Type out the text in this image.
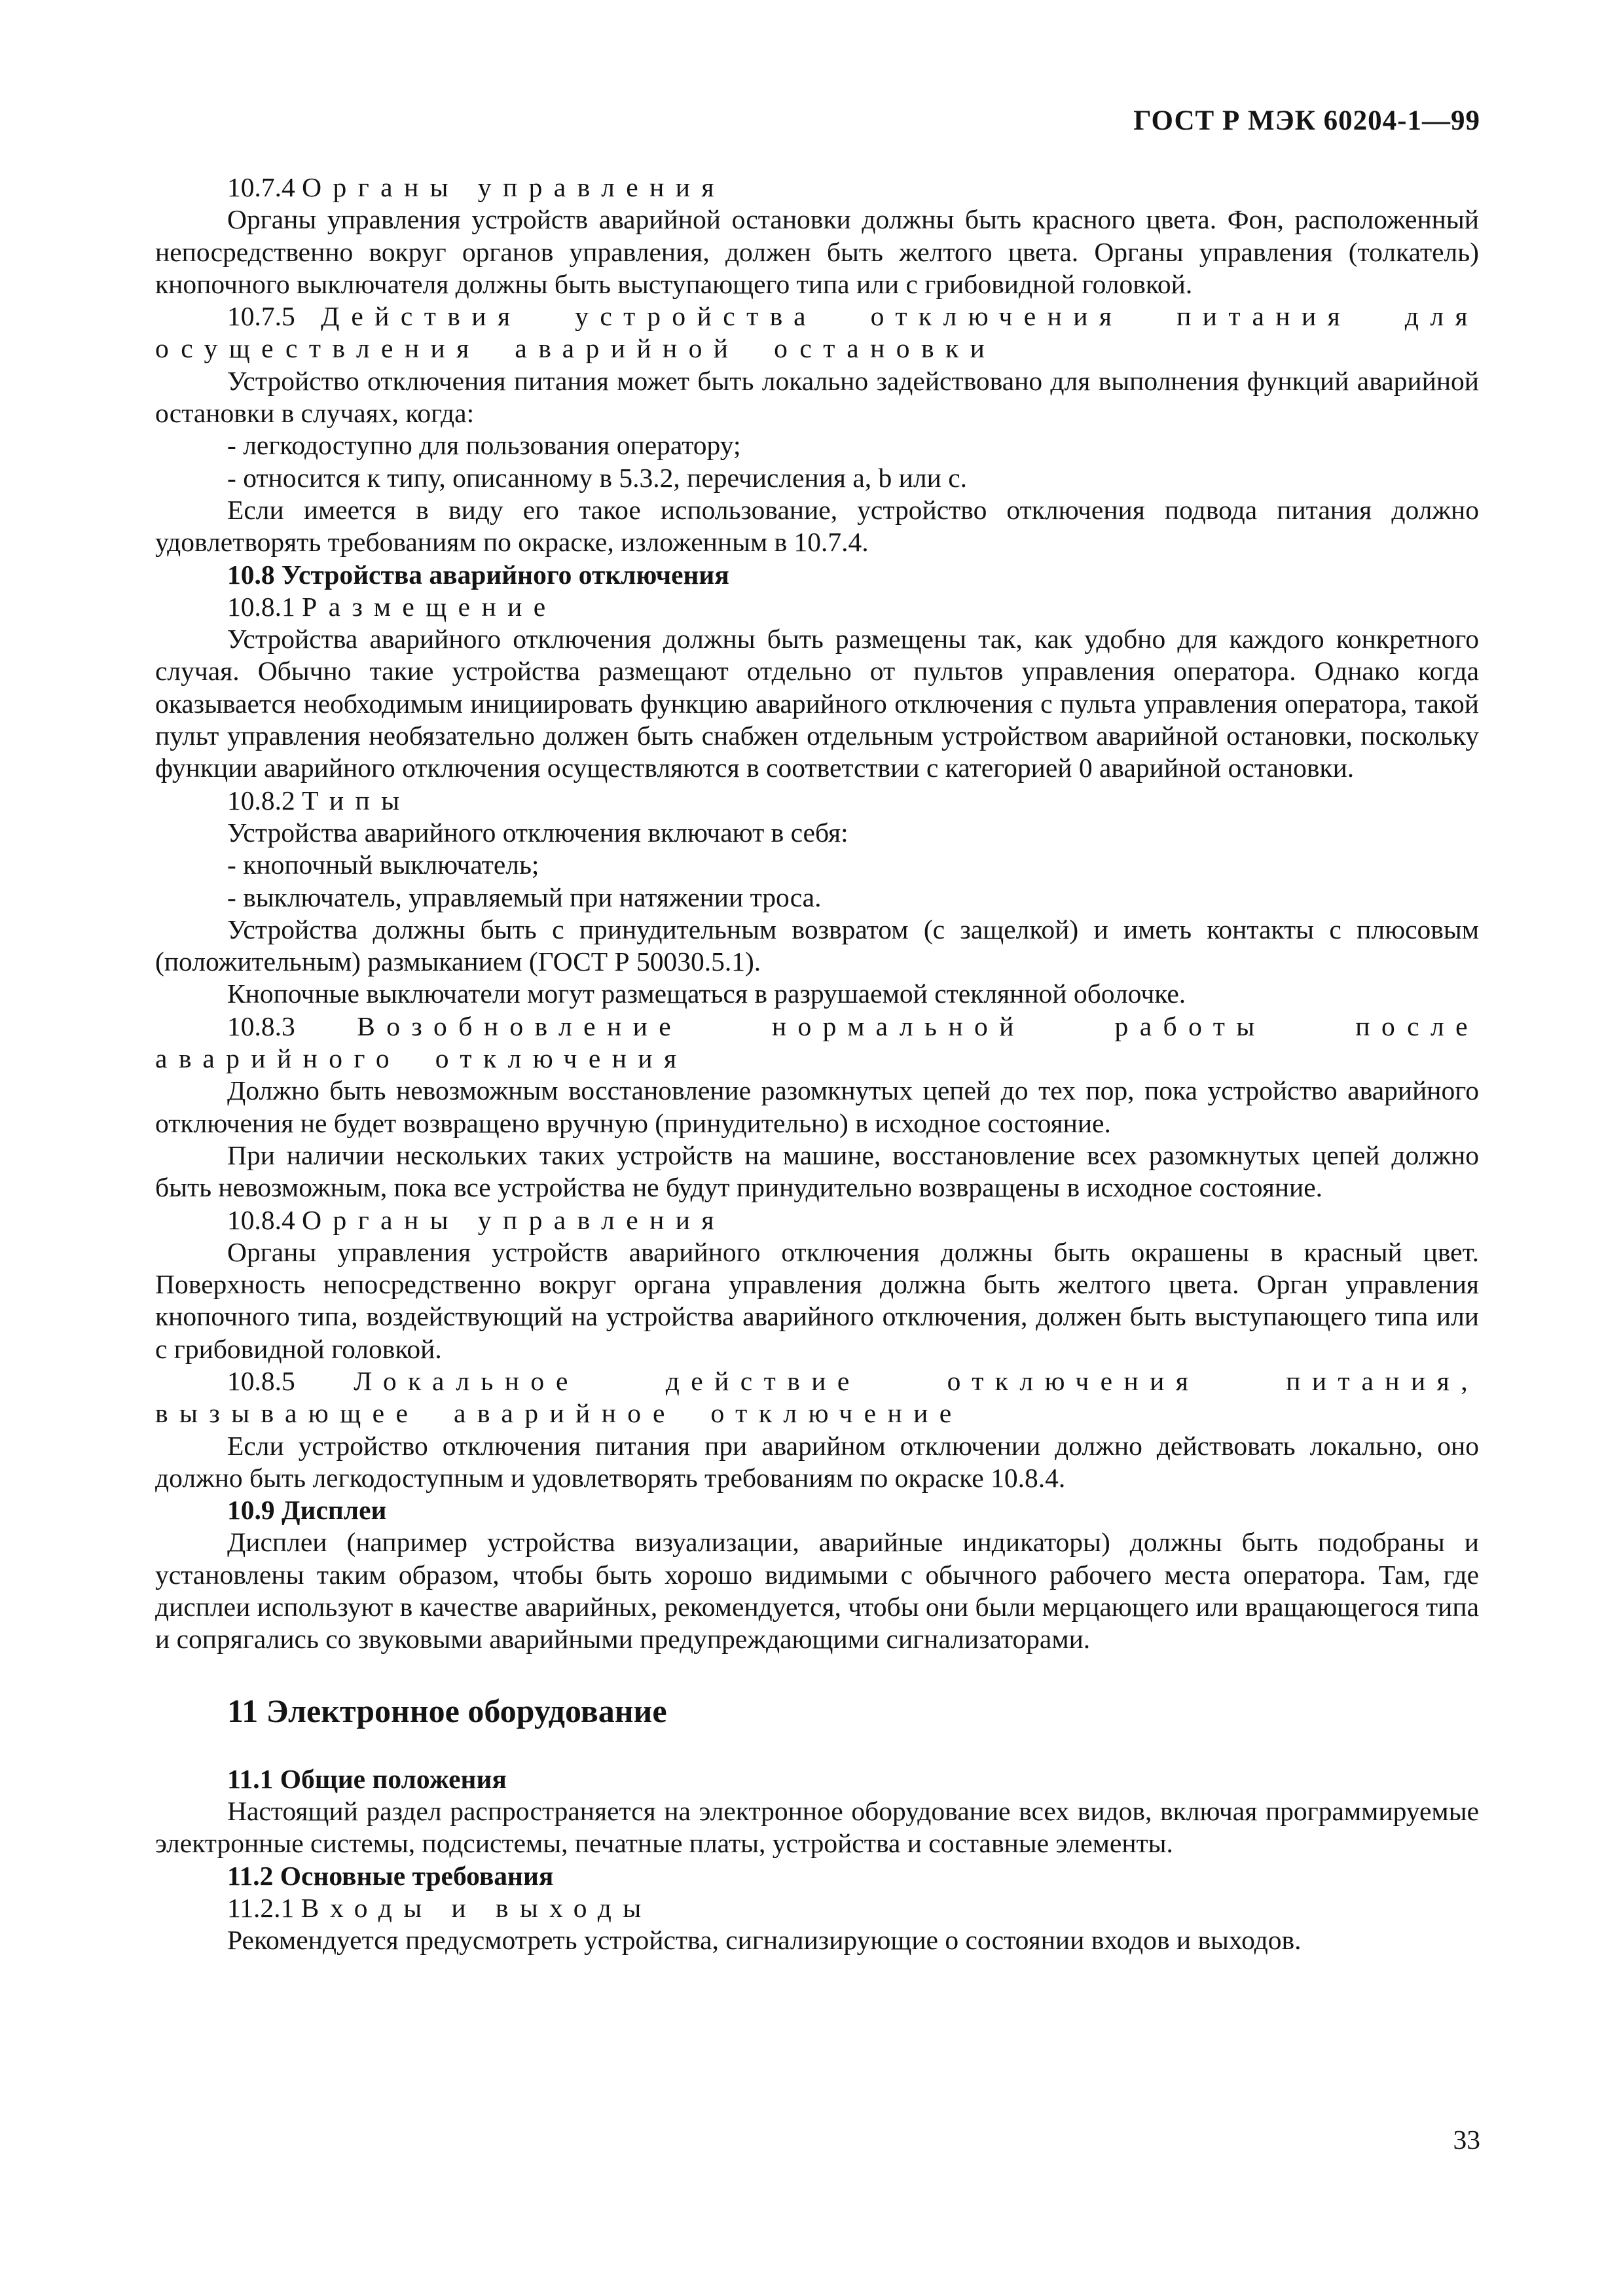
ГОСТ Р МЭК 60204-1—99

10.7.4 Органы управления

Органы управления устройств аварийной остановки должны быть красного цвета. Фон, расположенный непосредственно вокруг органов управления, должен быть желтого цвета. Органы управления (толкатель) кнопочного выключателя должны быть выступающего типа или с грибовидной головкой.

10.7.5 Действия устройства отключения питания для осуществления аварийной остановки

Устройство отключения питания может быть локально задействовано для выполнения функций аварийной остановки в случаях, когда:

- легкодоступно для пользования оператору;

- относится к типу, описанному в 5.3.2, перечисления a, b или c.

Если имеется в виду его такое использование, устройство отключения подвода питания должно удовлетворять требованиям по окраске, изложенным в 10.7.4.

10.8 Устройства аварийного отключения

10.8.1 Размещение

Устройства аварийного отключения должны быть размещены так, как удобно для каждого конкретного случая. Обычно такие устройства размещают отдельно от пультов управления оператора. Однако когда оказывается необходимым инициировать функцию аварийного отключения с пульта управления оператора, такой пульт управления необязательно должен быть снабжен отдельным устройством аварийной остановки, поскольку функции аварийного отключения осуществляются в соответствии с категорией 0 аварийной остановки.

10.8.2 Типы

Устройства аварийного отключения включают в себя:

- кнопочный выключатель;

- выключатель, управляемый при натяжении троса.

Устройства должны быть с принудительным возвратом (с защелкой) и иметь контакты с плюсовым (положительным) размыканием (ГОСТ Р 50030.5.1).

Кнопочные выключатели могут размещаться в разрушаемой стеклянной оболочке.

10.8.3 Возобновление нормальной работы после аварийного отключения

Должно быть невозможным восстановление разомкнутых цепей до тех пор, пока устройство аварийного отключения не будет возвращено вручную (принудительно) в исходное состояние.

При наличии нескольких таких устройств на машине, восстановление всех разомкнутых цепей должно быть невозможным, пока все устройства не будут принудительно возвращены в исходное состояние.

10.8.4 Органы управления

Органы управления устройств аварийного отключения должны быть окрашены в красный цвет. Поверхность непосредственно вокруг органа управления должна быть желтого цвета. Орган управления кнопочного типа, воздействующий на устройства аварийного отключения, должен быть выступающего типа или с грибовидной головкой.

10.8.5 Локальное действие отключения питания, вызывающее аварийное отключение

Если устройство отключения питания при аварийном отключении должно действовать локально, оно должно быть легкодоступным и удовлетворять требованиям по окраске 10.8.4.

10.9 Дисплеи

Дисплеи (например устройства визуализации, аварийные индикаторы) должны быть подобраны и установлены таким образом, чтобы быть хорошо видимыми с обычного рабочего места оператора. Там, где дисплеи используют в качестве аварийных, рекомендуется, чтобы они были мерцающего или вращающегося типа и сопрягались со звуковыми аварийными предупреждающими сигнализаторами.

11 Электронное оборудование

11.1 Общие положения

Настоящий раздел распространяется на электронное оборудование всех видов, включая программируемые электронные системы, подсистемы, печатные платы, устройства и составные элементы.

11.2 Основные требования

11.2.1 Входы и выходы

Рекомендуется предусмотреть устройства, сигнализирующие о состоянии входов и выходов.

33
